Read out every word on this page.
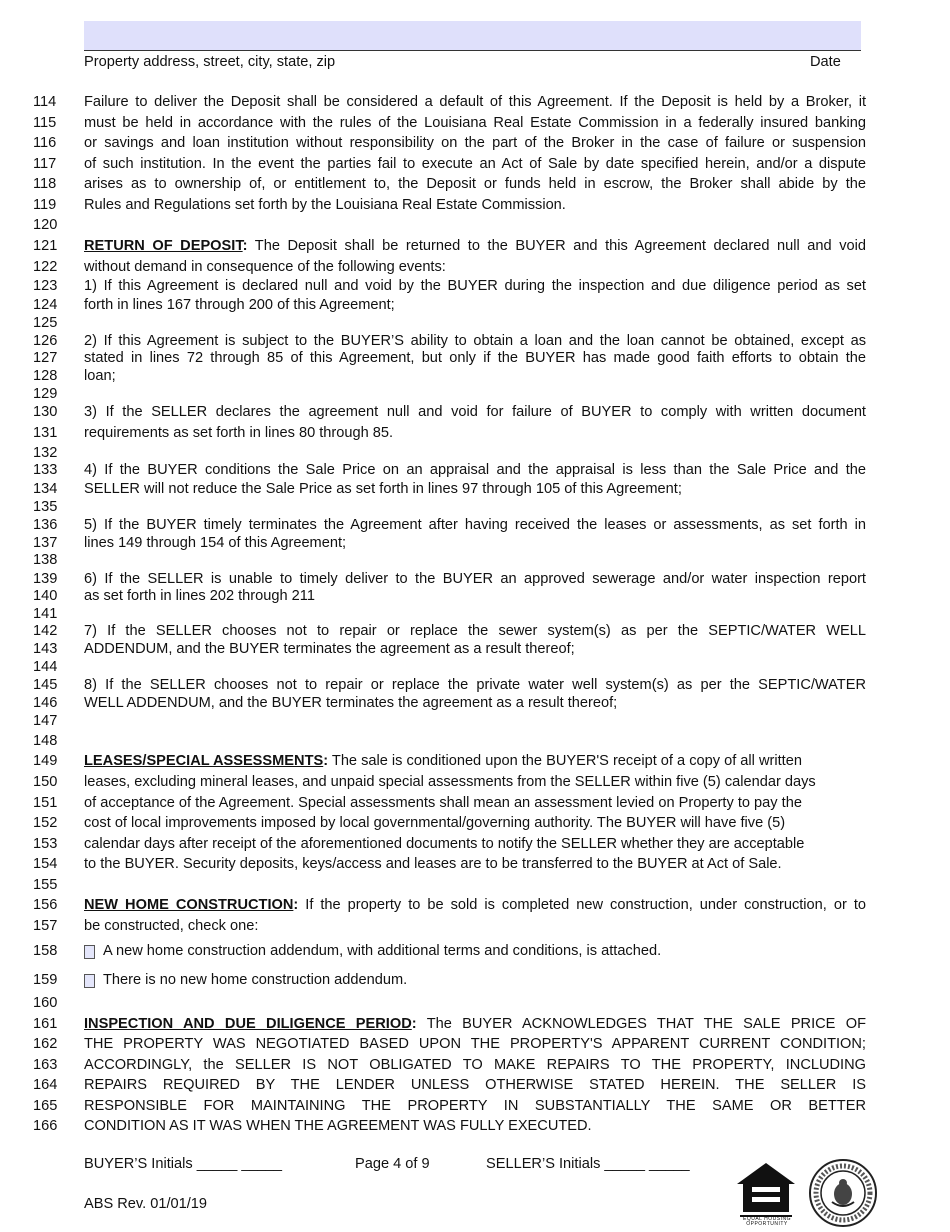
Property address, street, city, state, zip	Date
114	Failure to deliver the Deposit shall be considered a default of this Agreement. If the Deposit is held by a Broker, it
115	must be held in accordance with the rules of the Louisiana Real Estate Commission in a federally insured banking
116	or savings and loan institution without responsibility on the part of the Broker in the case of failure or suspension
117	of such institution. In the event the parties fail to execute an Act of Sale by date specified herein, and/or a dispute
118	arises as to ownership of, or entitlement to, the Deposit or funds held in escrow, the Broker shall abide by the
119	Rules and Regulations set forth by the Louisiana Real Estate Commission.
120
121	RETURN OF DEPOSIT: The Deposit shall be returned to the BUYER and this Agreement declared null and void
122	without demand in consequence of the following events:
123	1) If this Agreement is declared null and void by the BUYER during the inspection and due diligence period as set
124	forth in lines 167 through 200 of this Agreement;
125
126	2) If this Agreement is subject to the BUYER’S ability to obtain a loan and the loan cannot be obtained, except as
127	stated in lines 72 through 85 of this Agreement, but only if the BUYER has made good faith efforts to obtain the
128	loan;
129
130	3) If the SELLER declares the agreement null and void for failure of BUYER to comply with written document
131	requirements as set forth in lines 80 through 85.
132
133	4) If the BUYER conditions the Sale Price on an appraisal and the appraisal is less than the Sale Price and the
134	SELLER will not reduce the Sale Price as set forth in lines 97 through 105 of this Agreement;
135
136	5) If the BUYER timely terminates the Agreement after having received the leases or assessments, as set forth in
137	lines 149 through 154 of this Agreement;
138
139	6) If the SELLER is unable to timely deliver to the BUYER an approved sewerage and/or water inspection report
140	as set forth in lines 202 through 211
141
142	7) If the SELLER chooses not to repair or replace the sewer system(s) as per the SEPTIC/WATER WELL
143	ADDENDUM, and the BUYER terminates the agreement as a result thereof;
144
145	8) If the SELLER chooses not to repair or replace the private water well system(s) as per the SEPTIC/WATER
146	WELL ADDENDUM, and the BUYER terminates the agreement as a result thereof;
147
148
149	LEASES/SPECIAL ASSESSMENTS: The sale is conditioned upon the BUYER'S receipt of a copy of all written
150	leases, excluding mineral leases, and unpaid special assessments from the SELLER within five (5) calendar days
151	of acceptance of the Agreement. Special assessments shall mean an assessment levied on Property to pay the
152	cost of local improvements imposed by local governmental/governing authority. The BUYER will have five (5)
153	calendar days after receipt of the aforementioned documents to notify the SELLER whether they are acceptable
154	to the BUYER. Security deposits, keys/access and leases are to be transferred to the BUYER at Act of Sale.
155
156	NEW HOME CONSTRUCTION: If the property to be sold is completed new construction, under construction, or to
157	be constructed, check one:
158	A new home construction addendum, with additional terms and conditions, is attached.
159	There is no new home construction addendum.
160
161	INSPECTION AND DUE DILIGENCE PERIOD: The BUYER ACKNOWLEDGES THAT THE SALE PRICE OF
162	THE PROPERTY WAS NEGOTIATED BASED UPON THE PROPERTY'S APPARENT CURRENT CONDITION;
163	ACCORDINGLY, the SELLER IS NOT OBLIGATED TO MAKE REPAIRS TO THE PROPERTY, INCLUDING
164	REPAIRS REQUIRED BY THE LENDER UNLESS OTHERWISE STATED HEREIN. THE SELLER IS
165	RESPONSIBLE FOR MAINTAINING THE PROPERTY IN SUBSTANTIALLY THE SAME OR BETTER
166	CONDITION AS IT WAS WHEN THE AGREEMENT WAS FULLY EXECUTED.
BUYER’S Initials _____ _____	Page 4 of 9	SELLER’S Initials _____ _____
ABS Rev. 01/01/19
EQUAL HOUSING OPPORTUNITY
